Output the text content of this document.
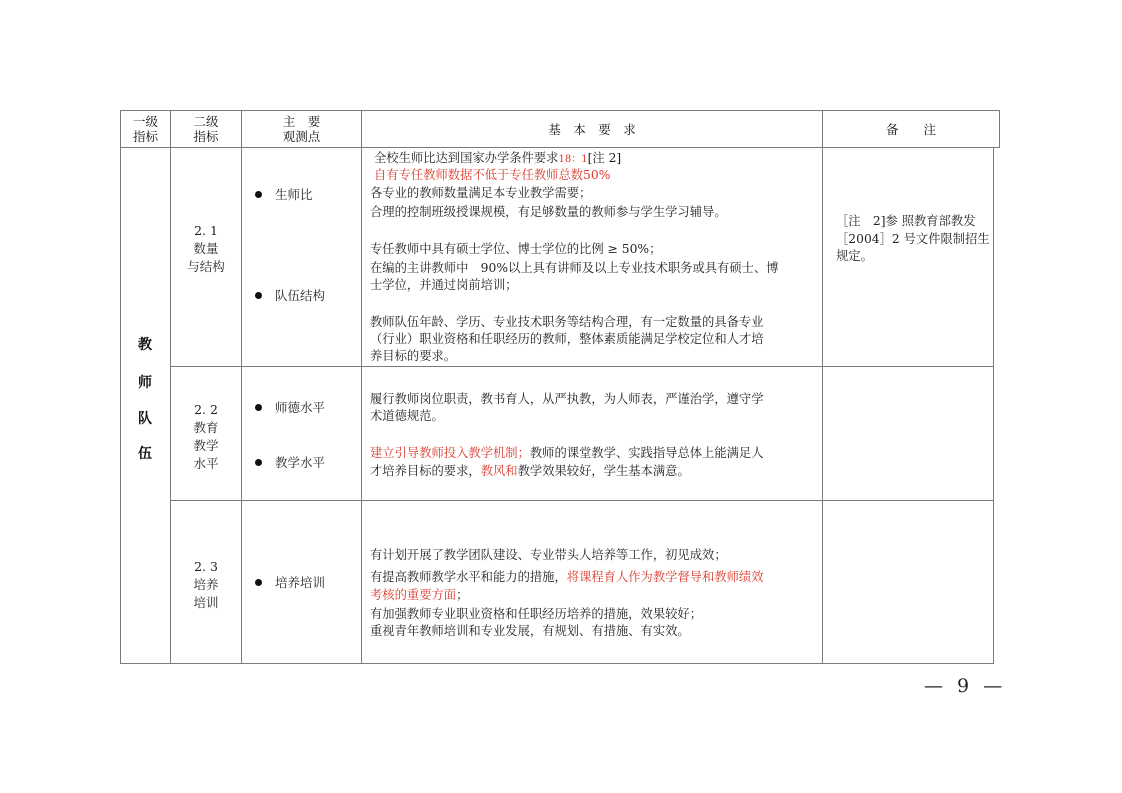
一级
指标
二级
指标
主　要
观测点	基　本　要　求	备　　注
教
师
队
伍
2. 1
数量
与结构
生师比
队伍结构
全校生师比达到国家办学条件要求18：1[注 2]
自有专任教师数据不低于专任教师总数50%
各专业的教师数量满足本专业教学需要；
合理的控制班级授课规模，有足够数量的教师参与学生学习辅导。
专任教师中具有硕士学位、博士学位的比例 ≥ 50%；
在编的主讲教师中　90%以上具有讲师及以上专业技术职务或具有硕士、博
士学位，并通过岗前培训；
教师队伍年龄、学历、专业技术职务等结构合理，有一定数量的具备专业
（行业）职业资格和任职经历的教师，整体素质能满足学校定位和人才培
养目标的要求。
［注　2]参 照教育部教发
［2004］2 号文件限制招生
规定。
2. 2
教育
教学
水平
师德水平
教学水平
履行教师岗位职责，教书育人，从严执教，为人师表，严谨治学，遵守学
术道德规范。
建立引导教师投入教学机制；教师的课堂教学、实践指导总体上能满足人
才培养目标的要求，教风和教学效果较好，学生基本满意。
2. 3
培养
培训
培养培训
有计划开展了教学团队建设、专业带头人培养等工作，初见成效；
有提高教师教学水平和能力的措施，将课程育人作为教学督导和教师绩效
考核的重要方面；
有加强教师专业职业资格和任职经历培养的措施，效果较好；
重视青年教师培训和专业发展，有规划、有措施、有实效。
— 9 —
